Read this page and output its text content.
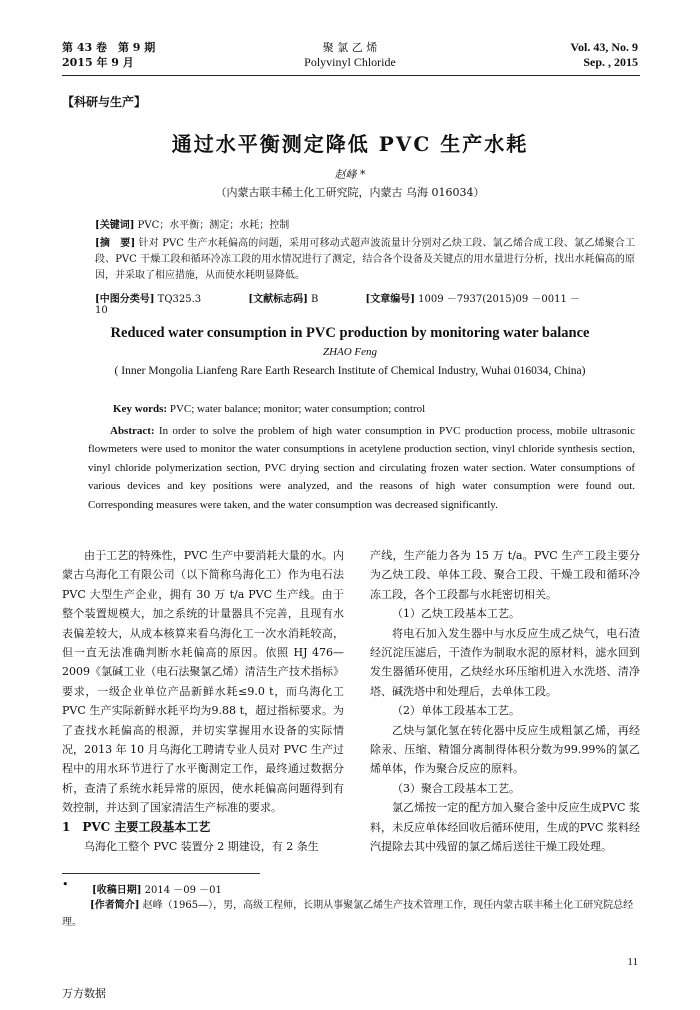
第 43 卷　第 9 期
2015 年 9 月
聚 氯 乙 烯
Polyvinyl Chloride
Vol. 43, No. 9
Sep. , 2015
【科研与生产】
通过水平衡测定降低 PVC 生产水耗
赵峰 *
（内蒙古联丰稀土化工研究院，内蒙古 乌海 016034）
[关键词] PVC；水平衡；测定；水耗；控制
[摘　要] 针对 PVC 生产水耗偏高的问题，采用可移动式超声波流量计分别对乙炔工段、氯乙烯合成工段、氯乙烯聚合工段、PVC 干燥工段和循环冷冻工段的用水情况进行了测定，结合各个设备及关键点的用水量进行分析，找出水耗偏高的原因，并采取了相应措施，从而使水耗明显降低。
[中图分类号] TQ325.3	[文献标志码] B	[文章编号] 1009 －7937(2015)09 －0011 －10
Reduced water consumption in PVC production by monitoring water balance
ZHAO Feng
( Inner Mongolia Lianfeng Rare Earth Research Institute of Chemical Industry, Wuhai 016034, China)
Key words: PVC; water balance; monitor; water consumption; control
Abstract: In order to solve the problem of high water consumption in PVC production process, mobile ultrasonic flowmeters were used to monitor the water consumptions in acetylene production section, vinyl chloride synthesis section, vinyl chloride polymerization section, PVC drying section and circulating frozen water section. Water consumptions of various devices and key positions were analyzed, and the reasons of high water consumption were found out. Corresponding measures were taken, and the water consumption was decreased significantly.

由于工艺的特殊性，PVC 生产中要消耗大量的水。内蒙古乌海化工有限公司（以下简称乌海化工）作为电石法 PVC 大型生产企业，拥有 30 万 t/a PVC 生产线。由于整个装置规模大，加之系统的计量器具不完善，且现有水表偏差较大，从成本核算来看乌海化工一次水消耗较高，但一直无法准确判断水耗偏高的原因。依照 HJ 476—2009《氯碱工业（电石法聚氯乙烯）清洁生产技术指标》要求，一级企业单位产品新鲜水耗≤9.0 t，而乌海化工 PVC 生产实际新鲜水耗平均为9.88 t，超过指标要求。为了查找水耗偏高的根源，并切实掌握用水设备的实际情况，2013 年 10 月乌海化工聘请专业人员对 PVC 生产过程中的用水环节进行了水平衡测定工作，最终通过数据分析，查清了系统水耗异常的原因，使水耗偏高问题得到有效控制，并达到了国家清洁生产标准的要求。

1　PVC 主要工段基本工艺

乌海化工整个 PVC 装置分 2 期建设，有 2 条生

产线，生产能力各为 15 万 t/a。PVC 生产工段主要分为乙炔工段、单体工段、聚合工段、干燥工段和循环冷冻工段，各个工段都与水耗密切相关。

（1）乙炔工段基本工艺。

将电石加入发生器中与水反应生成乙炔气，电石渣经沉淀压滤后，干渣作为制取水泥的原材料，滤水回到发生器循环使用，乙炔经水环压缩机进入水洗塔、清净塔、碱洗塔中和处理后，去单体工段。

（2）单体工段基本工艺。

乙炔与氯化氢在转化器中反应生成粗氯乙烯，再经除汞、压缩、精馏分离制得体积分数为99.99%的氯乙烯单体，作为聚合反应的原料。

（3）聚合工段基本工艺。

氯乙烯按一定的配方加入聚合釜中反应生成PVC 浆料，未反应单体经回收后循环使用，生成的PVC 浆料经汽提除去其中残留的氯乙烯后送往干燥工段处理。

• [收稿日期] 2014 －09 －01
[作者简介] 赵峰（1965—），男，高级工程师，长期从事聚氯乙烯生产技术管理工作，现任内蒙古联丰稀土化工研究院总经理。
11
万方数据
